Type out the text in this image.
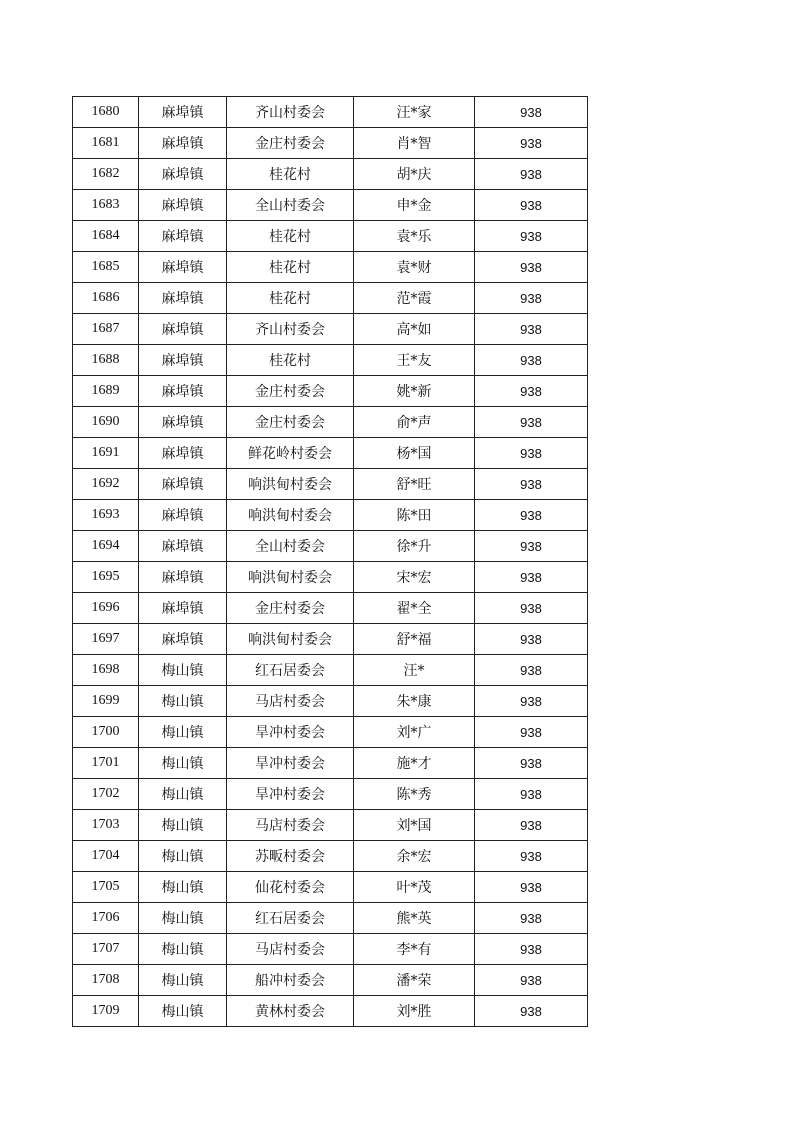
1680	麻埠镇	齐山村委会	汪*家	938
1681	麻埠镇	金庄村委会	肖*智	938
1682	麻埠镇	桂花村	胡*庆	938
1683	麻埠镇	全山村委会	申*金	938
1684	麻埠镇	桂花村	袁*乐	938
1685	麻埠镇	桂花村	袁*财	938
1686	麻埠镇	桂花村	范*霞	938
1687	麻埠镇	齐山村委会	高*如	938
1688	麻埠镇	桂花村	王*友	938
1689	麻埠镇	金庄村委会	姚*新	938
1690	麻埠镇	金庄村委会	俞*声	938
1691	麻埠镇	鲜花岭村委会	杨*国	938
1692	麻埠镇	响洪甸村委会	舒*旺	938
1693	麻埠镇	响洪甸村委会	陈*田	938
1694	麻埠镇	全山村委会	徐*升	938
1695	麻埠镇	响洪甸村委会	宋*宏	938
1696	麻埠镇	金庄村委会	翟*全	938
1697	麻埠镇	响洪甸村委会	舒*福	938
1698	梅山镇	红石居委会	汪*	938
1699	梅山镇	马店村委会	朱*康	938
1700	梅山镇	旱冲村委会	刘*广	938
1701	梅山镇	旱冲村委会	施*才	938
1702	梅山镇	旱冲村委会	陈*秀	938
1703	梅山镇	马店村委会	刘*国	938
1704	梅山镇	苏畈村委会	余*宏	938
1705	梅山镇	仙花村委会	叶*茂	938
1706	梅山镇	红石居委会	熊*英	938
1707	梅山镇	马店村委会	李*有	938
1708	梅山镇	船冲村委会	潘*荣	938
1709	梅山镇	黄林村委会	刘*胜	938
